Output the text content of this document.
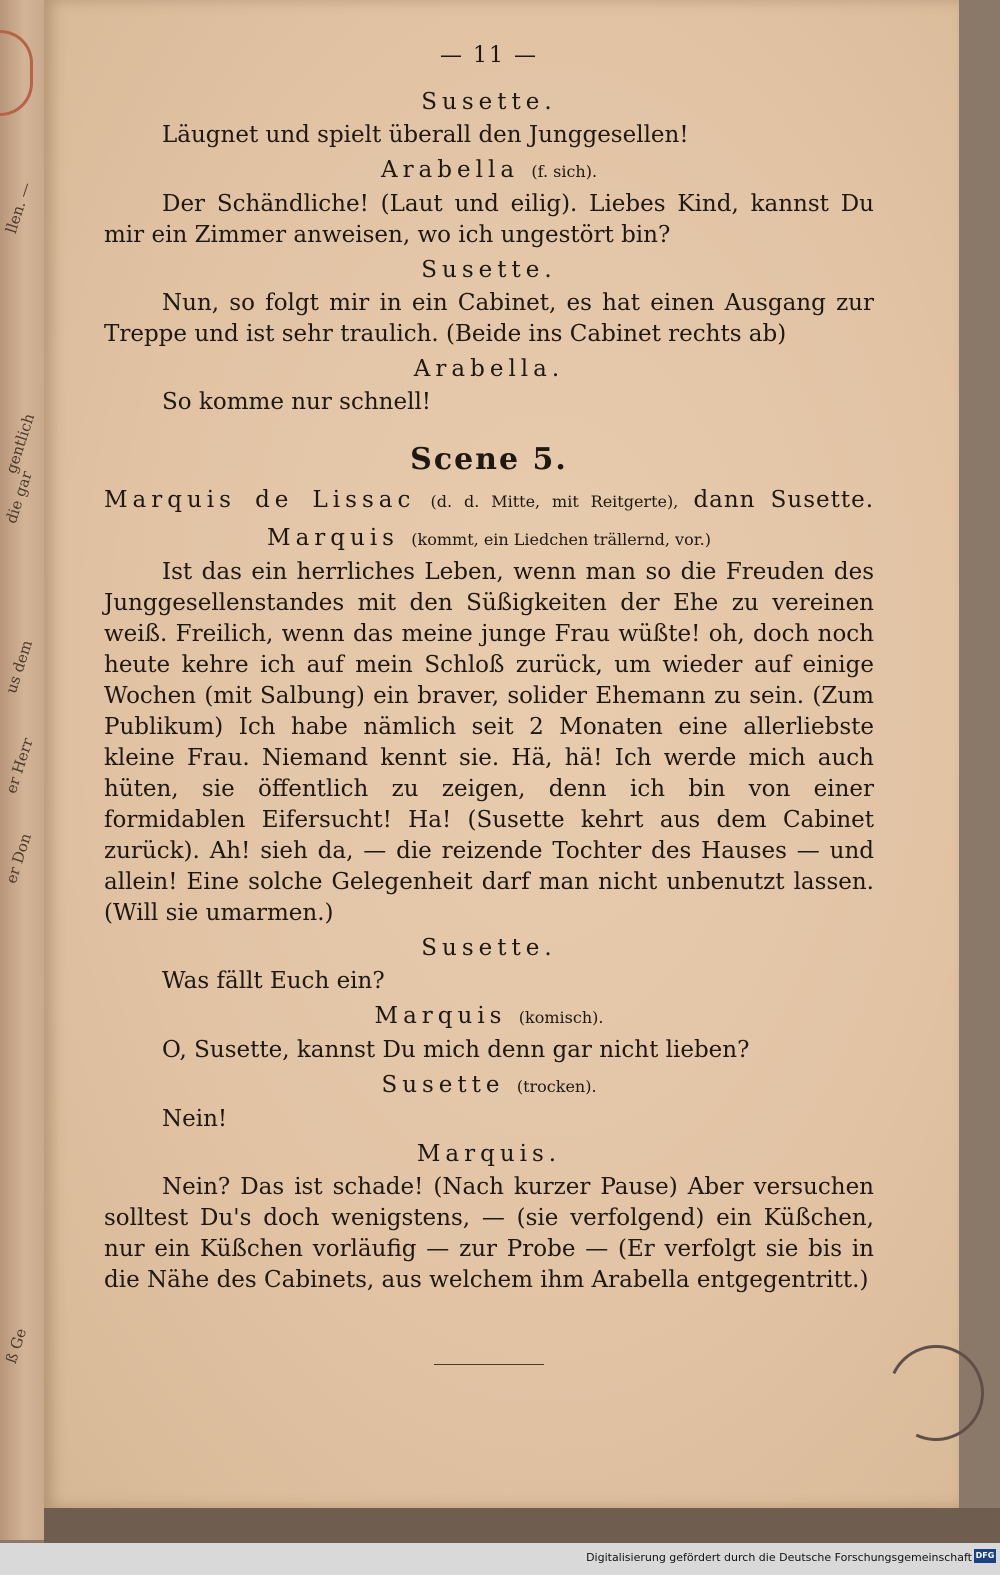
llen. —
gentlich
die gar
us dem
er Herr
er Don
ß Ge
— 11 —
Susette.
Läugnet und spielt überall den Junggesellen!
Arabella (f. sich).
Der Schändliche! (Laut und eilig). Liebes Kind, kannst Du mir ein Zimmer anweisen, wo ich ungestört bin?
Susette.
Nun, so folgt mir in ein Cabinet, es hat einen Ausgang zur Treppe und ist sehr traulich. (Beide ins Cabinet rechts ab)
Arabella.
So komme nur schnell!
Scene 5.
Marquis de Lissac (d. d. Mitte, mit Reitgerte), dann Susette.
Marquis (kommt, ein Liedchen trällernd, vor.)
Ist das ein herrliches Leben, wenn man so die Freuden des Junggesellenstandes mit den Süßigkeiten der Ehe zu vereinen weiß. Freilich, wenn das meine junge Frau wüßte! oh, doch noch heute kehre ich auf mein Schloß zurück, um wieder auf einige Wochen (mit Salbung) ein braver, solider Ehemann zu sein. (Zum Publikum) Ich habe nämlich seit 2 Monaten eine allerliebste kleine Frau. Niemand kennt sie. Hä, hä! Ich werde mich auch hüten, sie öffentlich zu zeigen, denn ich bin von einer formidablen Eifersucht! Ha! (Susette kehrt aus dem Cabinet zurück). Ah! sieh da, — die reizende Tochter des Hauses — und allein! Eine solche Gelegenheit darf man nicht unbenutzt lassen. (Will sie umarmen.)
Susette.
Was fällt Euch ein?
Marquis (komisch).
O, Susette, kannst Du mich denn gar nicht lieben?
Susette (trocken).
Nein!
Marquis.
Nein? Das ist schade! (Nach kurzer Pause) Aber versuchen solltest Du's doch wenigstens, — (sie verfolgend) ein Küßchen, nur ein Küßchen vorläufig — zur Probe — (Er verfolgt sie bis in die Nähe des Cabinets, aus welchem ihm Arabella entgegentritt.)
Digitalisierung gefördert durch die Deutsche Forschungsgemeinschaft DFG
